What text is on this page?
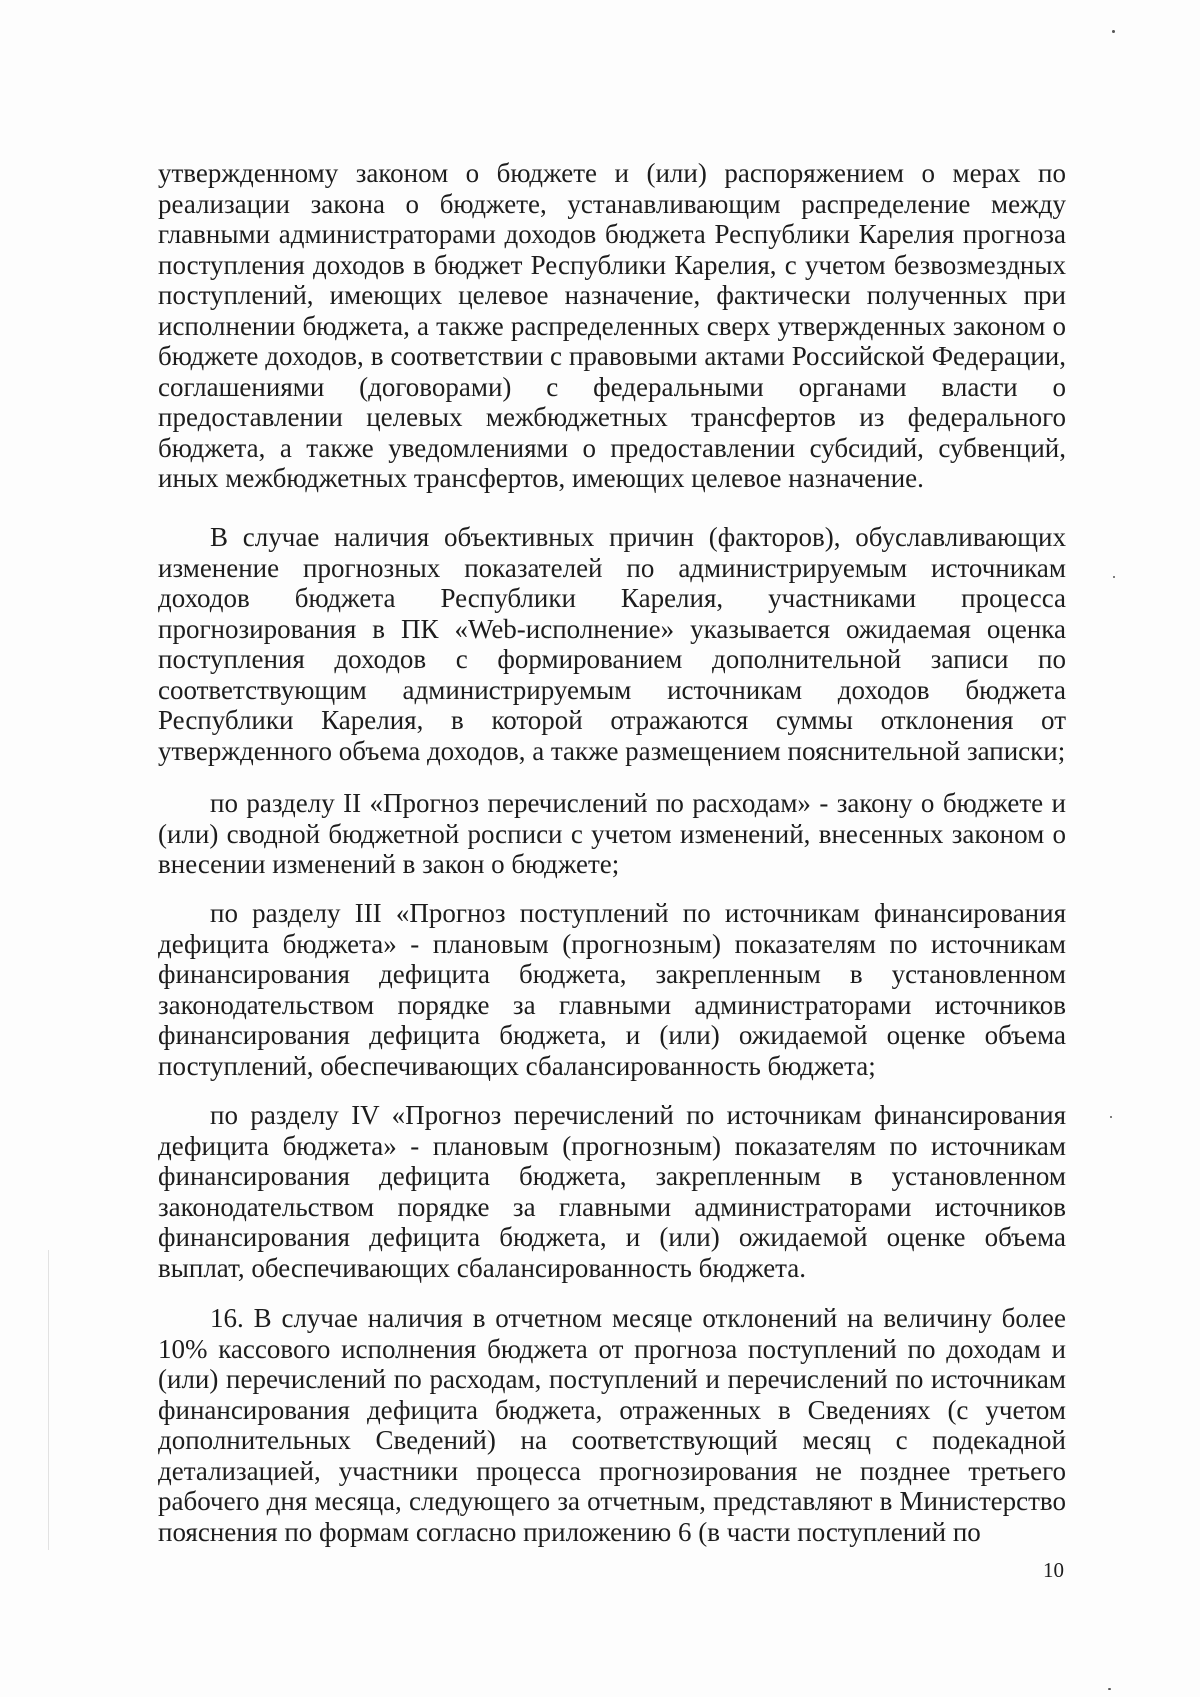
утвержденному законом о бюджете и (или) распоряжением о мерах по реализации закона о бюджете, устанавливающим распределение между главными администраторами доходов бюджета Республики Карелия прогноза поступления доходов в бюджет Республики Карелия, с учетом безвозмездных поступлений, имеющих целевое назначение, фактически полученных при исполнении бюджета, а также распределенных сверх утвержденных законом о бюджете доходов, в соответствии с правовыми актами Российской Федерации, соглашениями (договорами) с федеральными органами власти о предоставлении целевых межбюджетных трансфертов из федерального бюджета, а также уведомлениями о предоставлении субсидий, субвенций, иных межбюджетных трансфертов, имеющих целевое назначение.

В случае наличия объективных причин (факторов), обуславливающих изменение прогнозных показателей по администрируемым источникам доходов бюджета Республики Карелия, участниками процесса прогнозирования в ПК «Web-исполнение» указывается ожидаемая оценка поступления доходов с формированием дополнительной записи по соответствующим администрируемым источникам доходов бюджета Республики Карелия, в которой отражаются суммы отклонения от утвержденного объема доходов, а также размещением пояснительной записки;

по разделу II «Прогноз перечислений по расходам» - закону о бюджете и (или) сводной бюджетной росписи с учетом изменений, внесенных законом о внесении изменений в закон о бюджете;

по разделу III «Прогноз поступлений по источникам финансирования дефицита бюджета» - плановым (прогнозным) показателям по источникам финансирования дефицита бюджета, закрепленным в установленном законодательством порядке за главными администраторами источников финансирования дефицита бюджета, и (или) ожидаемой оценке объема поступлений, обеспечивающих сбалансированность бюджета;

по разделу IV «Прогноз перечислений по источникам финансирования дефицита бюджета» - плановым (прогнозным) показателям по источникам финансирования дефицита бюджета, закрепленным в установленном законодательством порядке за главными администраторами источников финансирования дефицита бюджета, и (или) ожидаемой оценке объема выплат, обеспечивающих сбалансированность бюджета.

16. В случае наличия в отчетном месяце отклонений на величину более 10% кассового исполнения бюджета от прогноза поступлений по доходам и (или) перечислений по расходам, поступлений и перечислений по источникам финансирования дефицита бюджета, отраженных в Сведениях (с учетом дополнительных Сведений) на соответствующий месяц с подекадной детализацией, участники процесса прогнозирования не позднее третьего рабочего дня месяца, следующего за отчетным, представляют в Министерство пояснения по формам согласно приложению 6 (в части поступлений по

10
